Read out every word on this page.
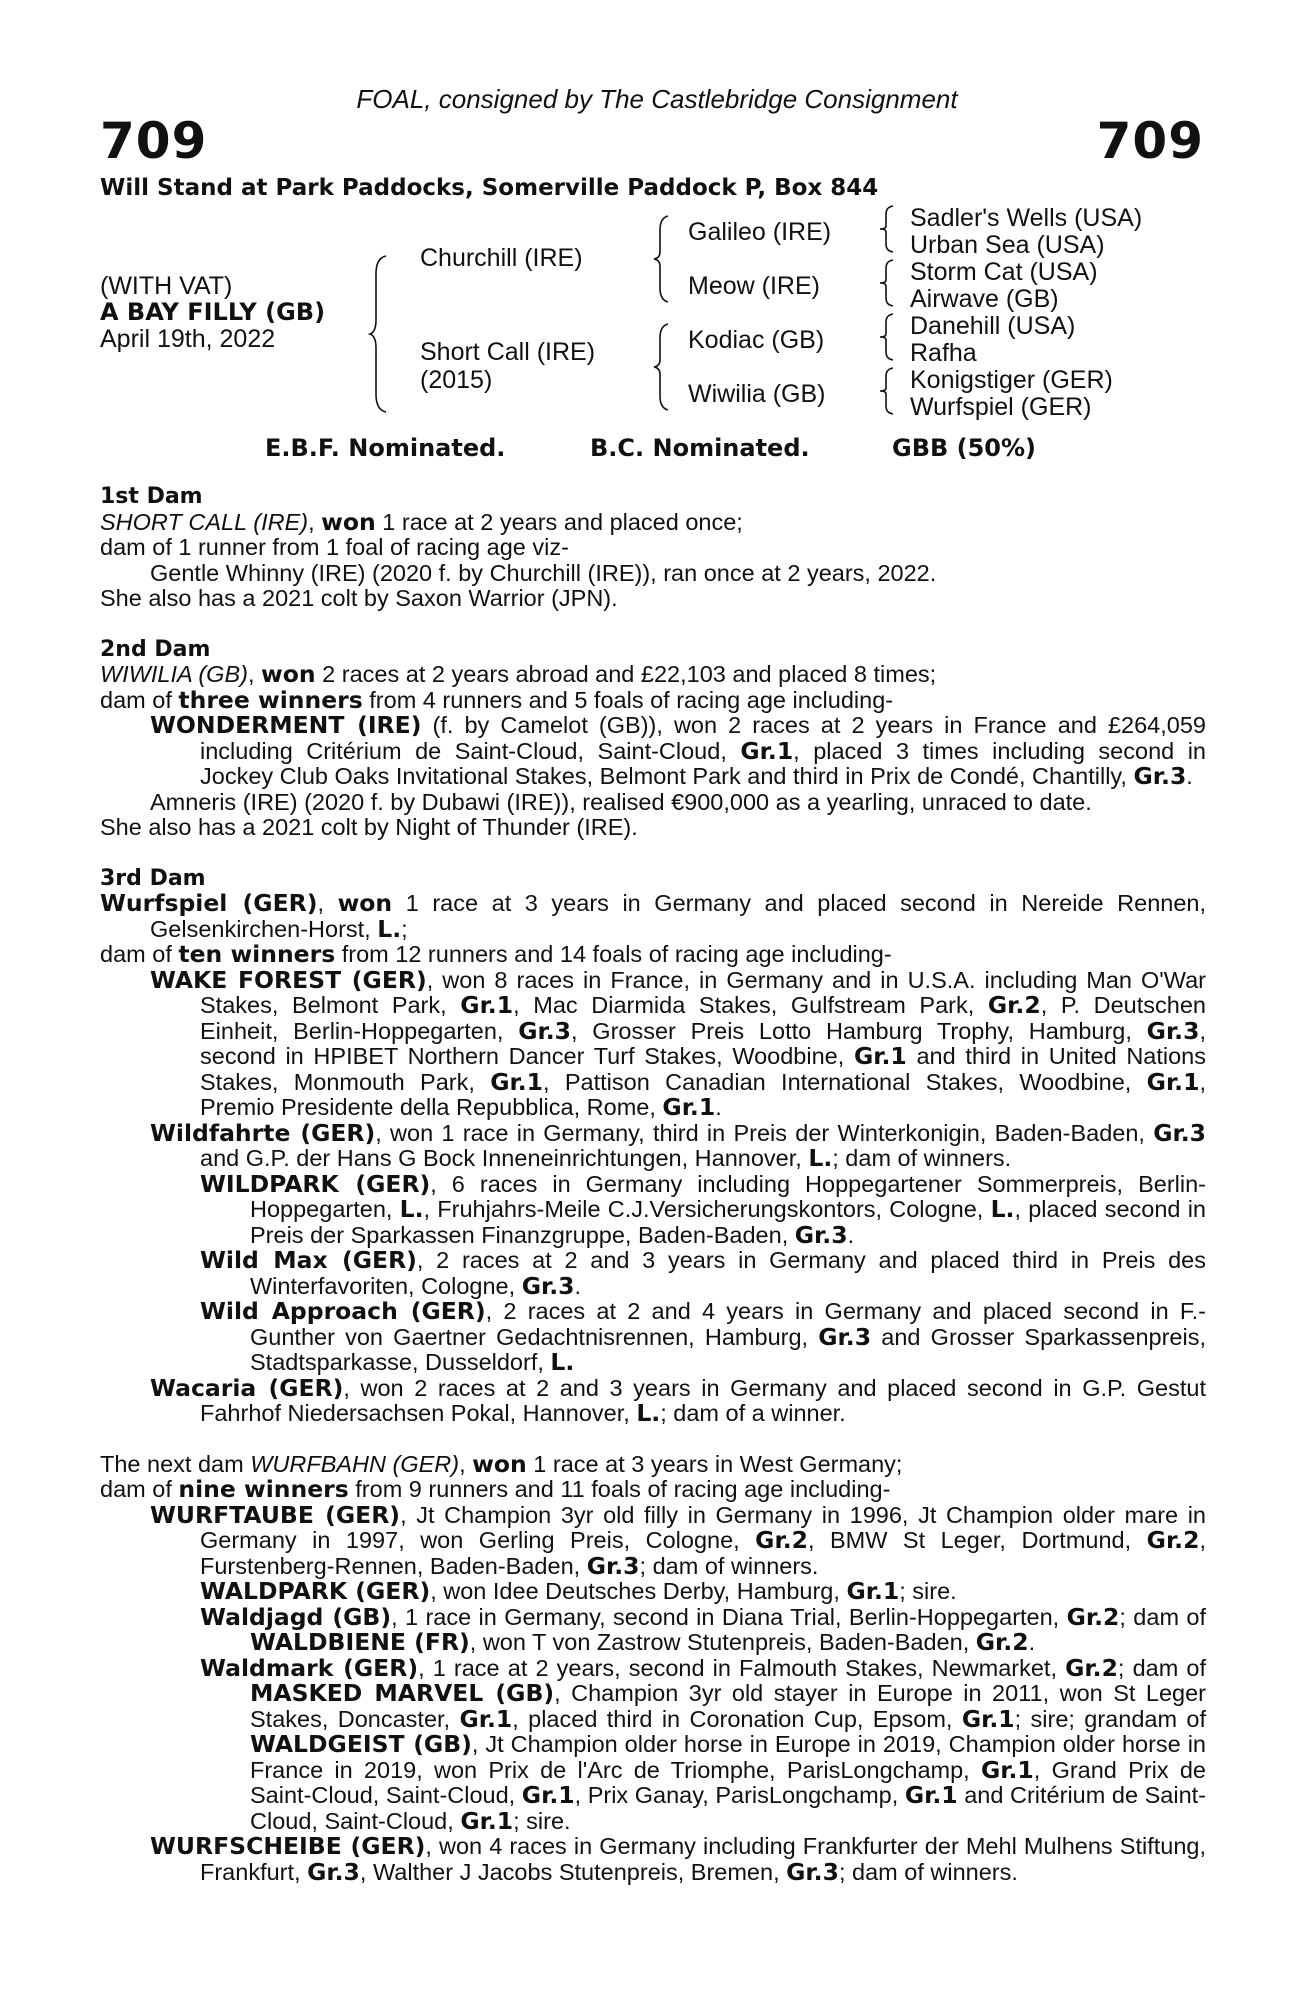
FOAL, consigned by The Castlebridge Consignment
709	709
Will Stand at Park Paddocks, Somerville Paddock P, Box 844
(WITH VAT)
A BAY FILLY (GB)
April 19th, 2022
Churchill (IRE)
Short Call (IRE)
(2015)
Galileo (IRE)
Meow (IRE)
Kodiac (GB)
Wiwilia (GB)
Sadler's Wells (USA)
Urban Sea (USA)
Storm Cat (USA)
Airwave (GB)
Danehill (USA)
Rafha
Konigstiger (GER)
Wurfspiel (GER)
E.B.F. Nominated.	B.C. Nominated.	GBB (50%)

1st Dam

SHORT CALL (IRE), won 1 race at 2 years and placed once;

dam of 1 runner from 1 foal of racing age viz-

Gentle Whinny (IRE) (2020 f. by Churchill (IRE)), ran once at 2 years, 2022.

She also has a 2021 colt by Saxon Warrior (JPN).

2nd Dam

WIWILIA (GB), won 2 races at 2 years abroad and £22,103 and placed 8 times;

dam of three winners from 4 runners and 5 foals of racing age including-

WONDERMENT (IRE) (f. by Camelot (GB)), won 2 races at 2 years in France and £264,059 including Critérium de Saint-Cloud, Saint-Cloud, Gr.1, placed 3 times including second in Jockey Club Oaks Invitational Stakes, Belmont Park and third in Prix de Condé, Chantilly, Gr.3.

Amneris (IRE) (2020 f. by Dubawi (IRE)), realised €900,000 as a yearling, unraced to date.

She also has a 2021 colt by Night of Thunder (IRE).

3rd Dam

Wurfspiel (GER), won 1 race at 3 years in Germany and placed second in Nereide Rennen, Gelsenkirchen-Horst, L.;

dam of ten winners from 12 runners and 14 foals of racing age including-

WAKE FOREST (GER), won 8 races in France, in Germany and in U.S.A. including Man O'War Stakes, Belmont Park, Gr.1, Mac Diarmida Stakes, Gulfstream Park, Gr.2, P. Deutschen Einheit, Berlin-Hoppegarten, Gr.3, Grosser Preis Lotto Hamburg Trophy, Hamburg, Gr.3, second in HPIBET Northern Dancer Turf Stakes, Woodbine, Gr.1 and third in United Nations Stakes, Monmouth Park, Gr.1, Pattison Canadian International Stakes, Woodbine, Gr.1, Premio Presidente della Repubblica, Rome, Gr.1.

Wildfahrte (GER), won 1 race in Germany, third in Preis der Winterkonigin, Baden-Baden, Gr.3 and G.P. der Hans G Bock Inneneinrichtungen, Hannover, L.; dam of winners.

WILDPARK (GER), 6 races in Germany including Hoppegartener Sommerpreis, Berlin-Hoppegarten, L., Fruhjahrs-Meile C.J.Versicherungskontors, Cologne, L., placed second in Preis der Sparkassen Finanzgruppe, Baden-Baden, Gr.3.

Wild Max (GER), 2 races at 2 and 3 years in Germany and placed third in Preis des Winterfavoriten, Cologne, Gr.3.

Wild Approach (GER), 2 races at 2 and 4 years in Germany and placed second in F.-Gunther von Gaertner Gedachtnisrennen, Hamburg, Gr.3 and Grosser Sparkassenpreis, Stadtsparkasse, Dusseldorf, L.

Wacaria (GER), won 2 races at 2 and 3 years in Germany and placed second in G.P. Gestut Fahrhof Niedersachsen Pokal, Hannover, L.; dam of a winner.

The next dam WURFBAHN (GER), won 1 race at 3 years in West Germany;

dam of nine winners from 9 runners and 11 foals of racing age including-

WURFTAUBE (GER), Jt Champion 3yr old filly in Germany in 1996, Jt Champion older mare in Germany in 1997, won Gerling Preis, Cologne, Gr.2, BMW St Leger, Dortmund, Gr.2, Furstenberg-Rennen, Baden-Baden, Gr.3; dam of winners.

WALDPARK (GER), won Idee Deutsches Derby, Hamburg, Gr.1; sire.

Waldjagd (GB), 1 race in Germany, second in Diana Trial, Berlin-Hoppegarten, Gr.2; dam of WALDBIENE (FR), won T von Zastrow Stutenpreis, Baden-Baden, Gr.2.

Waldmark (GER), 1 race at 2 years, second in Falmouth Stakes, Newmarket, Gr.2; dam of MASKED MARVEL (GB), Champion 3yr old stayer in Europe in 2011, won St Leger Stakes, Doncaster, Gr.1, placed third in Coronation Cup, Epsom, Gr.1; sire; grandam of WALDGEIST (GB), Jt Champion older horse in Europe in 2019, Champion older horse in France in 2019, won Prix de l'Arc de Triomphe, ParisLongchamp, Gr.1, Grand Prix de Saint-Cloud, Saint-Cloud, Gr.1, Prix Ganay, ParisLongchamp, Gr.1 and Critérium de Saint-Cloud, Saint-Cloud, Gr.1; sire.

WURFSCHEIBE (GER), won 4 races in Germany including Frankfurter der Mehl Mulhens Stiftung, Frankfurt, Gr.3, Walther J Jacobs Stutenpreis, Bremen, Gr.3; dam of winners.
